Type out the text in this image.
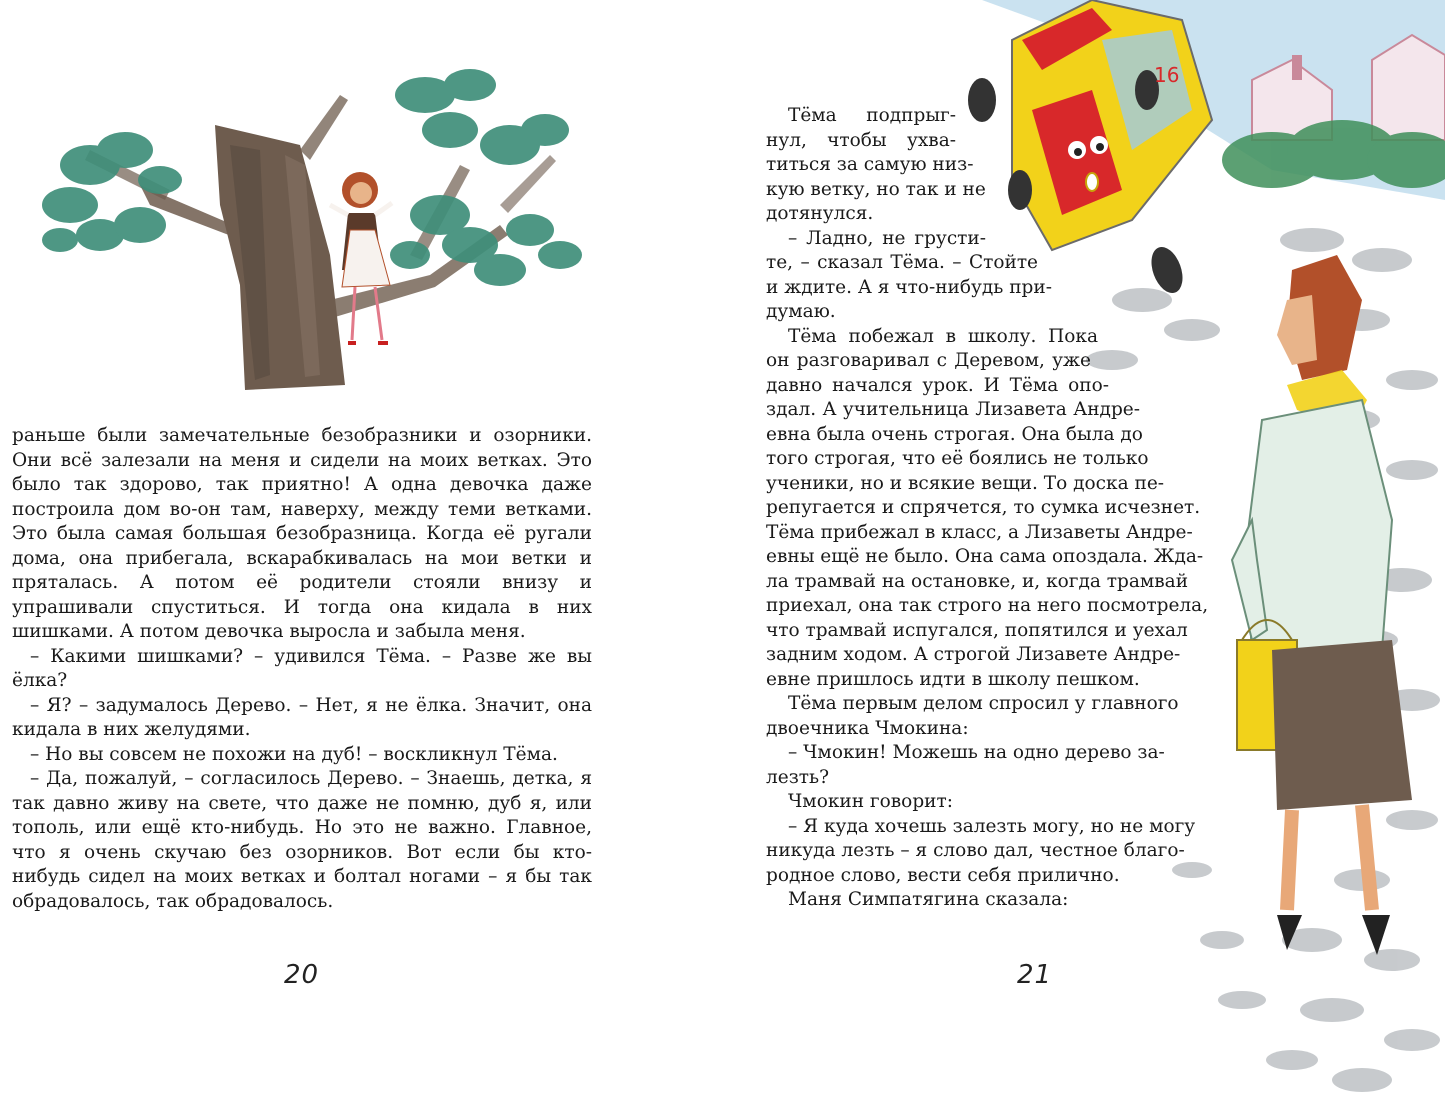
раньше были замечательные безобразники и озорники. Они всё залезали на меня и сидели на моих ветках. Это было так здорово, так приятно! А одна девочка даже построила дом во-он там, наверху, между теми ветками. Это была самая большая безобразница. Когда её ругали дома, она прибегала, вскарабкивалась на мои ветки и пряталась. А потом её родители стояли внизу и упрашивали спуститься. И тогда она кидала в них шишками. А потом девочка выросла и забыла меня.

– Какими шишками? – удивился Тёма. – Разве же вы ёлка?

– Я? – задумалось Дерево. – Нет, я не ёлка. Значит, она кидала в них желудями.

– Но вы совсем не похожи на дуб! – воскликнул Тёма.

– Да, пожалуй, – согласилось Дерево. – Знаешь, детка, я так давно живу на свете, что даже не помню, дуб я, или тополь, или ещё кто-нибудь. Но это не важно. Главное, что я очень скучаю без озорников. Вот если бы кто-нибудь сидел на моих ветках и болтал ногами – я бы так обрадовалось, так обрадовалось.

20
16
Тёма подпрыг-
нул, чтобы ухва-
титься за самую низ-
кую ветку, но так и не
дотянулся.
– Ладно, не грусти-
те, – сказал Тёма. – Стойте
и ждите. А я что-нибудь при-
думаю.
Тёма побежал в школу. Пока
он разговаривал с Деревом, уже
давно начался урок. И Тёма опо-
здал. А учительница Лизавета Андре-
евна была очень строгая. Она была до
того строгая, что её боялись не только
ученики, но и всякие вещи. То доска пе-
репугается и спрячется, то сумка исчезнет.
Тёма прибежал в класс, а Лизаветы Андре-
евны ещё не было. Она сама опоздала. Жда-
ла трамвай на остановке, и, когда трамвай
приехал, она так строго на него посмотрела,
что трамвай испугался, попятился и уехал
задним ходом. А строгой Лизавете Андре-
евне пришлось идти в школу пешком.
Тёма первым делом спросил у главного
двоечника Чмокина:
– Чмокин! Можешь на одно дерево за-
лезть?
Чмокин говорит:
– Я куда хочешь залезть могу, но не могу
никуда лезть – я слово дал, честное благо-
родное слово, вести себя прилично.
Маня Симпатягина сказала:
21
